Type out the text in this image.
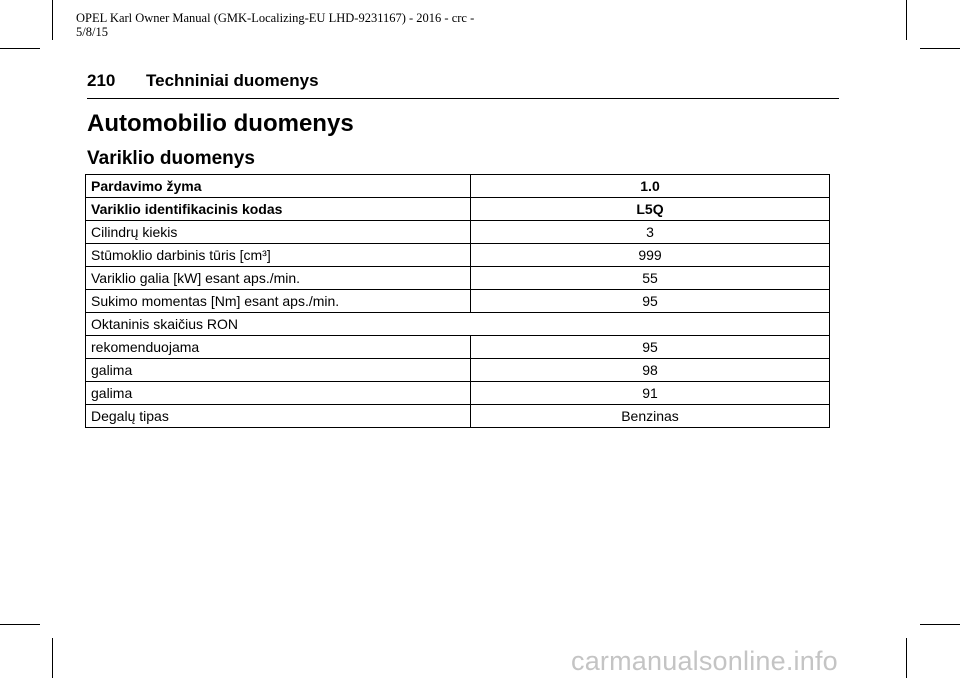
OPEL Karl Owner Manual (GMK-Localizing-EU LHD-9231167) - 2016 - crc -
5/8/15
210 Techniniai duomenys
Automobilio duomenys
Variklio duomenys
Pardavimo žyma	1.0
Variklio identifikacinis kodas	L5Q
Cilindrų kiekis	3
Stūmoklio darbinis tūris [cm³]	999
Variklio galia [kW] esant aps./min.	55
Sukimo momentas [Nm] esant aps./min.	95
Oktaninis skaičius RON	
rekomenduojama	95
galima	98
galima	91
Degalų tipas	Benzinas
carmanualsonline.info
